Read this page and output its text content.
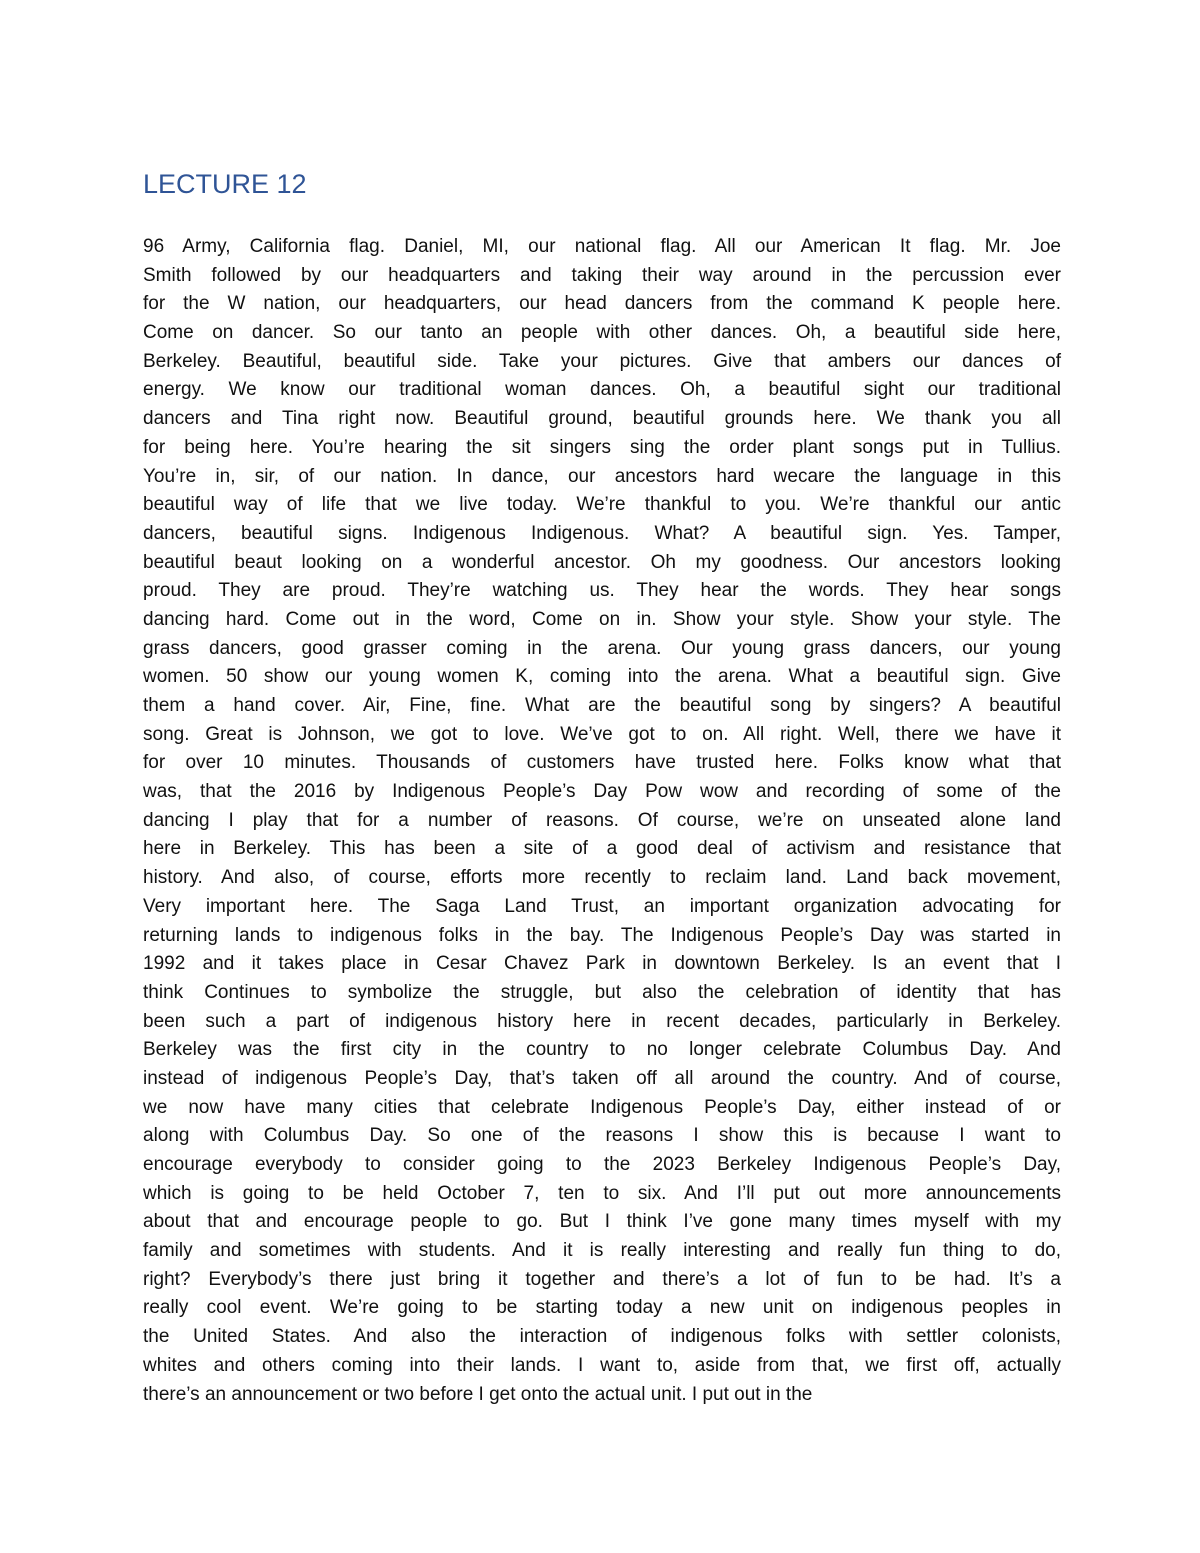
LECTURE 12
96 Army, California flag. Daniel, MI, our national flag. All our American It flag. Mr. Joe
Smith followed by our headquarters and taking their way around in the percussion ever
for the W nation, our headquarters, our head dancers from the command K people here.
Come on dancer. So our tanto an people with other dances. Oh, a beautiful side here,
Berkeley. Beautiful, beautiful side. Take your pictures. Give that ambers our dances of
energy. We know our traditional woman dances. Oh, a beautiful sight our traditional
dancers and Tina right now. Beautiful ground, beautiful grounds here. We thank you all
for being here. You’re hearing the sit singers sing the order plant songs put in Tullius.
You’re in, sir, of our nation. In dance, our ancestors hard wecare the language in this
beautiful way of life that we live today. We’re thankful to you. We’re thankful our antic
dancers, beautiful signs. Indigenous Indigenous. What? A beautiful sign. Yes. Tamper,
beautiful beaut looking on a wonderful ancestor. Oh my goodness. Our ancestors looking
proud. They are proud. They’re watching us. They hear the words. They hear songs
dancing hard. Come out in the word, Come on in. Show your style. Show your style. The
grass dancers, good grasser coming in the arena. Our young grass dancers, our young
women. 50 show our young women K, coming into the arena. What a beautiful sign. Give
them a hand cover. Air, Fine, fine. What are the beautiful song by singers? A beautiful
song. Great is Johnson, we got to love. We’ve got to on. All right. Well, there we have it
for over 10 minutes. Thousands of customers have trusted here. Folks know what that
was, that the 2016 by Indigenous People’s Day Pow wow and recording of some of the
dancing I play that for a number of reasons. Of course, we’re on unseated alone land
here in Berkeley. This has been a site of a good deal of activism and resistance that
history. And also, of course, efforts more recently to reclaim land. Land back movement,
Very important here. The Saga Land Trust, an important organization advocating for
returning lands to indigenous folks in the bay. The Indigenous People’s Day was started in
1992 and it takes place in Cesar Chavez Park in downtown Berkeley. Is an event that I
think Continues to symbolize the struggle, but also the celebration of identity that has
been such a part of indigenous history here in recent decades, particularly in Berkeley.
Berkeley was the first city in the country to no longer celebrate Columbus Day. And
instead of indigenous People’s Day, that’s taken off all around the country. And of course,
we now have many cities that celebrate Indigenous People’s Day, either instead of or
along with Columbus Day. So one of the reasons I show this is because I want to
encourage everybody to consider going to the 2023 Berkeley Indigenous People’s Day,
which is going to be held October 7, ten to six. And I’ll put out more announcements
about that and encourage people to go. But I think I’ve gone many times myself with my
family and sometimes with students. And it is really interesting and really fun thing to do,
right? Everybody’s there just bring it together and there’s a lot of fun to be had. It’s a
really cool event. We’re going to be starting today a new unit on indigenous peoples in
the United States. And also the interaction of indigenous folks with settler colonists,
whites and others coming into their lands. I want to, aside from that, we first off, actually
there’s an announcement or two before I get onto the actual unit. I put out in the
